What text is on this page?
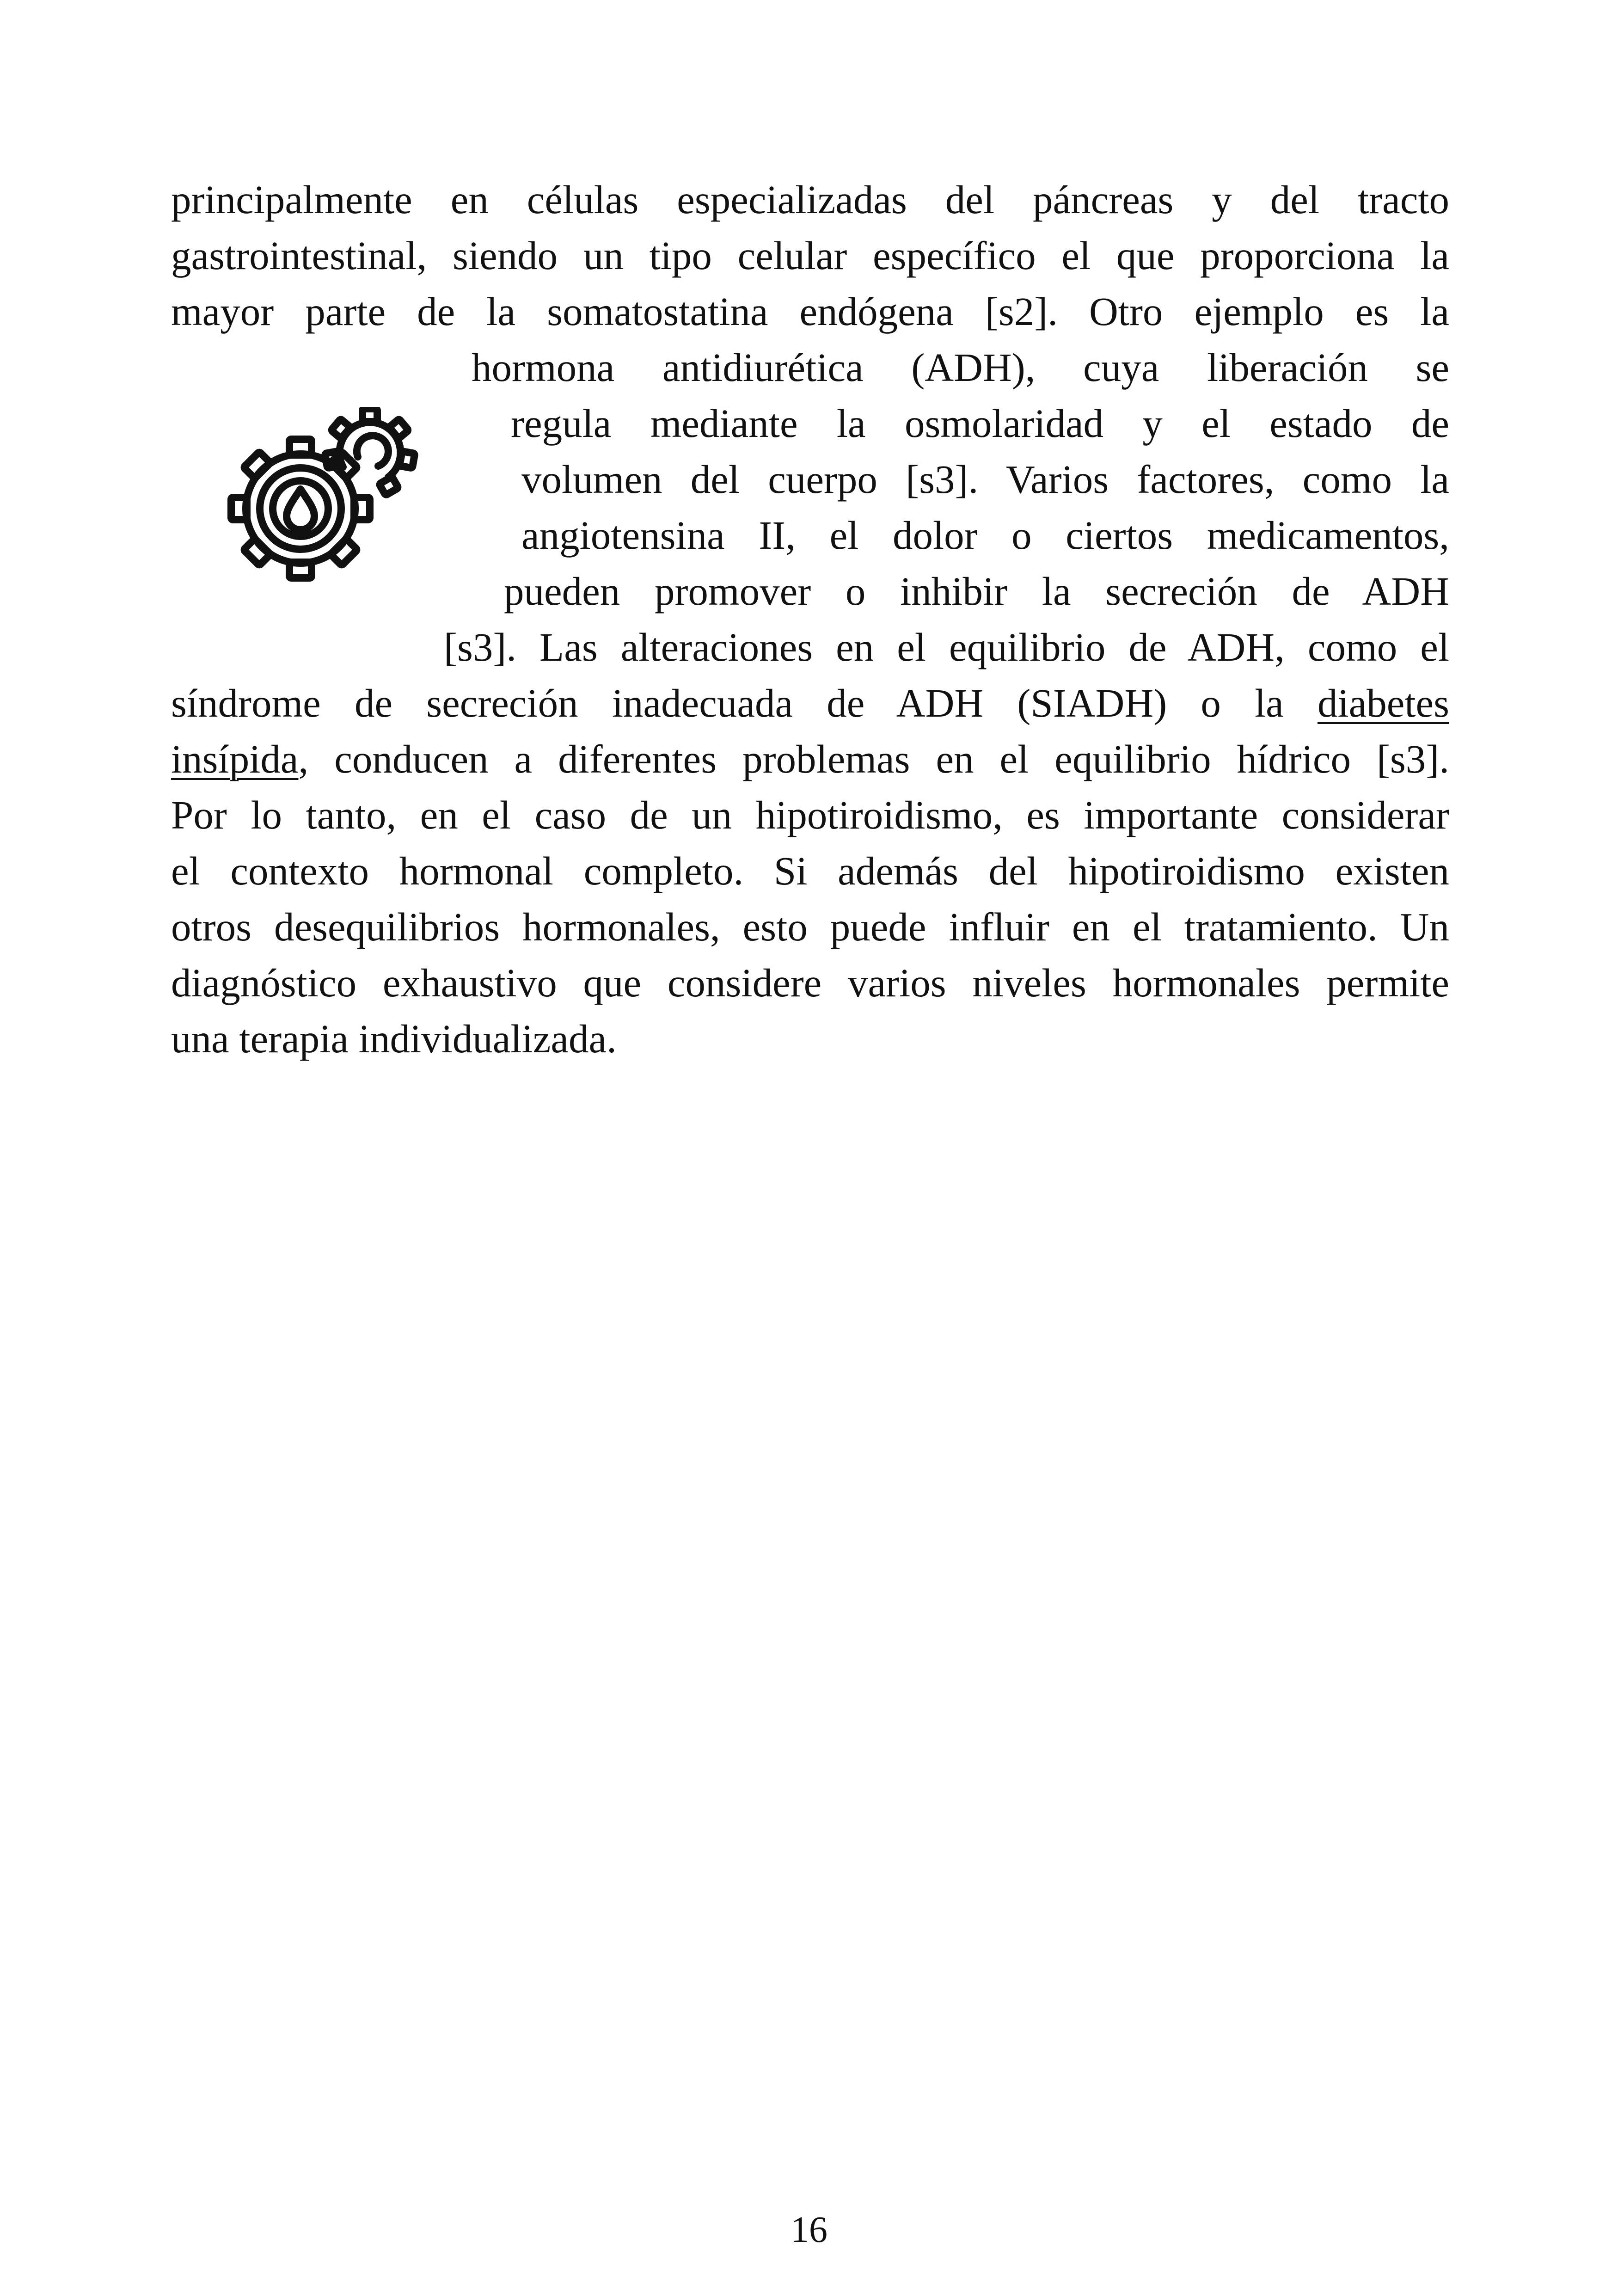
principalmente en células especializadas del páncreas y del tracto
gastrointestinal, siendo un tipo celular específico el que proporciona la
mayor parte de la somatostatina endógena [s2]. Otro ejemplo es la
hormona antidiurética (ADH), cuya liberación se
regula mediante la osmolaridad y el estado de
volumen del cuerpo [s3]. Varios factores, como la
angiotensina II, el dolor o ciertos medicamentos,
pueden promover o inhibir la secreción de ADH
[s3]. Las alteraciones en el equilibrio de ADH, como el
síndrome de secreción inadecuada de ADH (SIADH) o la diabetes
insípida, conducen a diferentes problemas en el equilibrio hídrico [s3].
Por lo tanto, en el caso de un hipotiroidismo, es importante considerar
el contexto hormonal completo. Si además del hipotiroidismo existen
otros desequilibrios hormonales, esto puede influir en el tratamiento. Un
diagnóstico exhaustivo que considere varios niveles hormonales permite
una terapia individualizada.
16
